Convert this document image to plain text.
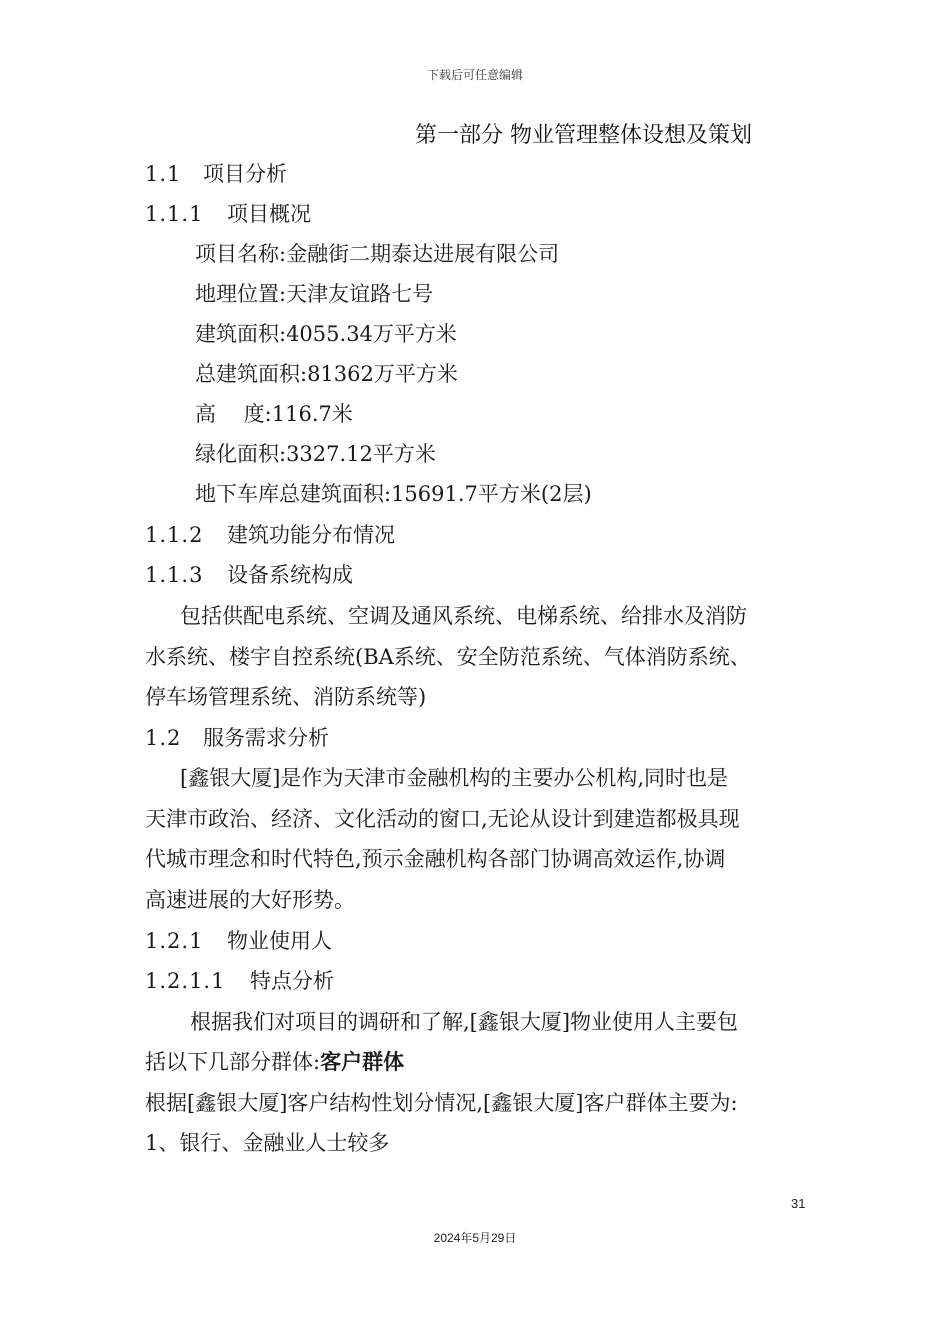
下载后可任意编辑
第一部分 物业管理整体设想及策划
1.1 项目分析
1.1.1 项目概况
项目名称:金融街二期泰达进展有限公司
地理位置:天津友谊路七号
建筑面积:4055.34万平方米
总建筑面积:81362万平方米
高　 度:116.7米
绿化面积:3327.12平方米
地下车库总建筑面积:15691.7平方米(2层)
1.1.2 建筑功能分布情况
1.1.3 设备系统构成
包括供配电系统、空调及通风系统、电梯系统、给排水及消防
水系统、楼宇自控系统(BA系统、安全防范系统、气体消防系统、
停车场管理系统、消防系统等)
1.2 服务需求分析
[鑫银大厦]是作为天津市金融机构的主要办公机构,同时也是
天津市政治、经济、文化活动的窗口,无论从设计到建造都极具现
代城市理念和时代特色,预示金融机构各部门协调高效运作,协调
高速进展的大好形势。
1.2.1 物业使用人
1.2.1.1 特点分析
根据我们对项目的调研和了解,[鑫银大厦]物业使用人主要包
括以下几部分群体:客户群体
根据[鑫银大厦]客户结构性划分情况,[鑫银大厦]客户群体主要为:
1、银行、金融业人士较多
31
2024年5月29日
